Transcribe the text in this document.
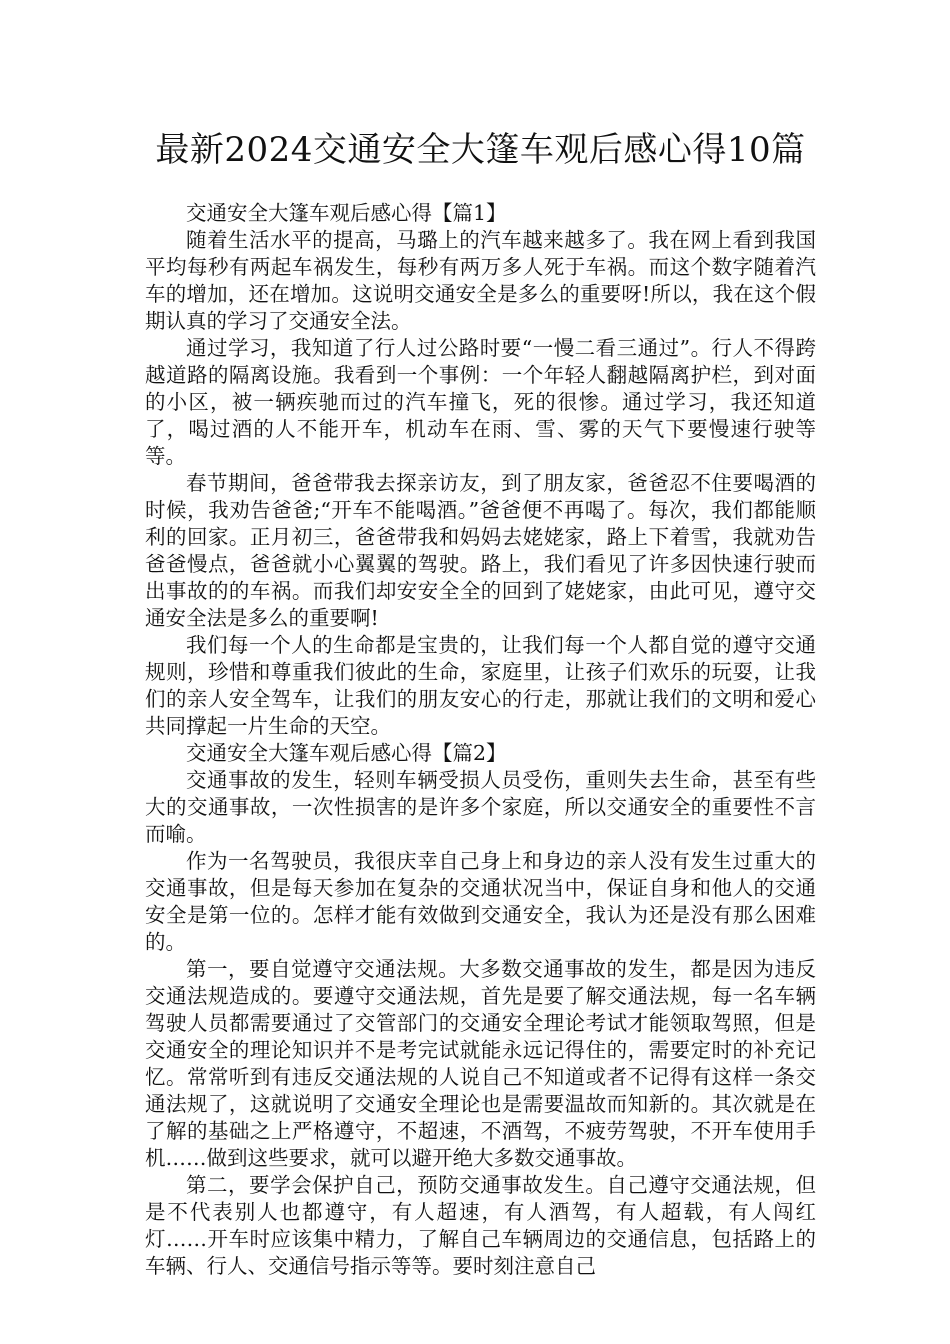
最新2024交通安全大篷车观后感心得10篇

交通安全大篷车观后感心得【篇1】

随着生活水平的提高，马璐上的汽车越来越多了。我在网上看到我国平均每秒有两起车祸发生，每秒有两万多人死于车祸。而这个数字随着汽车的增加，还在增加。这说明交通安全是多么的重要呀!所以，我在这个假期认真的学习了交通安全法。

通过学习，我知道了行人过公路时要“一慢二看三通过”。行人不得跨越道路的隔离设施。我看到一个事例：一个年轻人翻越隔离护栏，到对面的小区，被一辆疾驰而过的汽车撞飞，死的很惨。通过学习，我还知道了，喝过酒的人不能开车，机动车在雨、雪、雾的天气下要慢速行驶等等。

春节期间，爸爸带我去探亲访友，到了朋友家，爸爸忍不住要喝酒的时候，我劝告爸爸;“开车不能喝酒。”爸爸便不再喝了。每次，我们都能顺利的回家。正月初三，爸爸带我和妈妈去姥姥家，路上下着雪，我就劝告爸爸慢点，爸爸就小心翼翼的驾驶。路上，我们看见了许多因快速行驶而出事故的的车祸。而我们却安安全全的回到了姥姥家，由此可见，遵守交通安全法是多么的重要啊!

我们每一个人的生命都是宝贵的，让我们每一个人都自觉的遵守交通规则，珍惜和尊重我们彼此的生命，家庭里，让孩子们欢乐的玩耍，让我们的亲人安全驾车，让我们的朋友安心的行走，那就让我们的文明和爱心共同撑起一片生命的天空。

交通安全大篷车观后感心得【篇2】

交通事故的发生，轻则车辆受损人员受伤，重则失去生命，甚至有些大的交通事故，一次性损害的是许多个家庭，所以交通安全的重要性不言而喻。

作为一名驾驶员，我很庆幸自己身上和身边的亲人没有发生过重大的交通事故，但是每天参加在复杂的交通状况当中，保证自身和他人的交通安全是第一位的。怎样才能有效做到交通安全，我认为还是没有那么困难的。

第一，要自觉遵守交通法规。大多数交通事故的发生，都是因为违反交通法规造成的。要遵守交通法规，首先是要了解交通法规，每一名车辆驾驶人员都需要通过了交管部门的交通安全理论考试才能领取驾照，但是交通安全的理论知识并不是考完试就能永远记得住的，需要定时的补充记忆。常常听到有违反交通法规的人说自己不知道或者不记得有这样一条交通法规了，这就说明了交通安全理论也是需要温故而知新的。其次就是在了解的基础之上严格遵守，不超速，不酒驾，不疲劳驾驶，不开车使用手机……做到这些要求，就可以避开绝大多数交通事故。

第二，要学会保护自己，预防交通事故发生。自己遵守交通法规，但是不代表别人也都遵守，有人超速，有人酒驾，有人超载，有人闯红灯……开车时应该集中精力，了解自己车辆周边的交通信息，包括路上的车辆、行人、交通信号指示等等。要时刻注意自己
